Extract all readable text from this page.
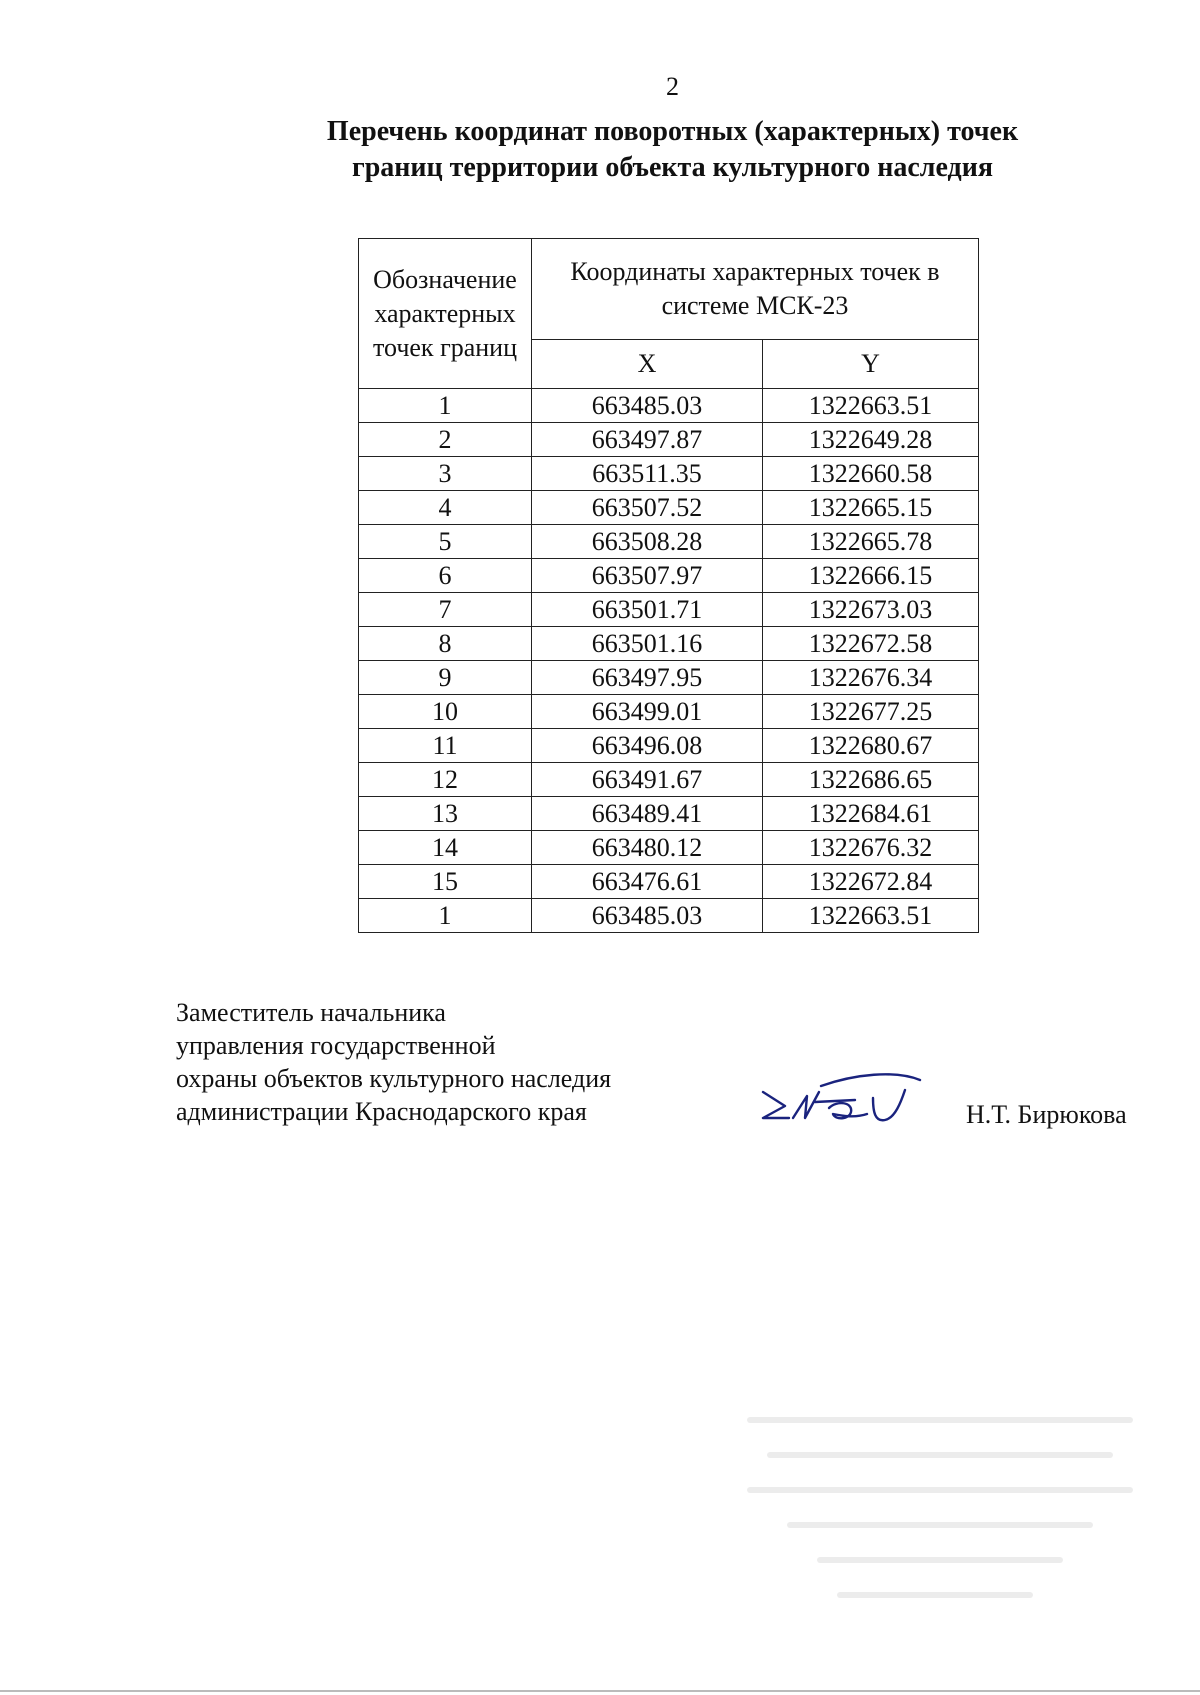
2
Перечень координат поворотных (характерных) точек
границ территории объекта культурного наследия
Обозначение
характерных
точек границ	Координаты характерных точек в
системе МСК-23	
	X	Y
1	663485.03	1322663.51
2	663497.87	1322649.28
3	663511.35	1322660.58
4	663507.52	1322665.15
5	663508.28	1322665.78
6	663507.97	1322666.15
7	663501.71	1322673.03
8	663501.16	1322672.58
9	663497.95	1322676.34
10	663499.01	1322677.25
11	663496.08	1322680.67
12	663491.67	1322686.65
13	663489.41	1322684.61
14	663480.12	1322676.32
15	663476.61	1322672.84
1	663485.03	1322663.51
Заместитель начальника
управления государственной
охраны объектов культурного наследия
администрации Краснодарского края	Н.Т. Бирюкова
